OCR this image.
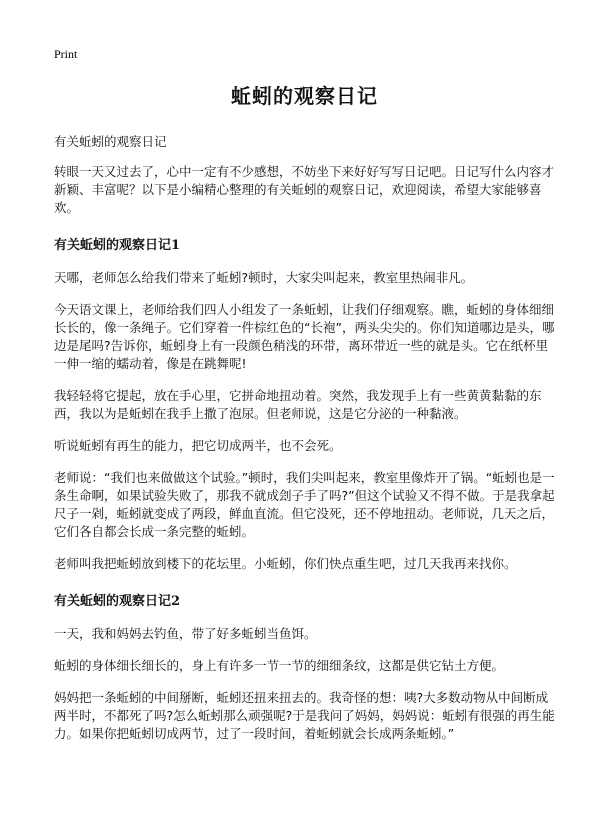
Print
蚯蚓的观察日记
有关蚯蚓的观察日记

转眼一天又过去了，心中一定有不少感想，不妨坐下来好好写写日记吧。日记写什么内容才新颖、丰富呢？以下是小编精心整理的有关蚯蚓的观察日记，欢迎阅读，希望大家能够喜欢。

有关蚯蚓的观察日记1

天哪，老师怎么给我们带来了蚯蚓?顿时，大家尖叫起来，教室里热闹非凡。

今天语文课上，老师给我们四人小组发了一条蚯蚓，让我们仔细观察。瞧，蚯蚓的身体细细长长的，像一条绳子。它们穿着一件棕红色的“长袍”，两头尖尖的。你们知道哪边是头，哪边是尾吗?告诉你，蚯蚓身上有一段颜色稍浅的环带，离环带近一些的就是头。它在纸杯里一伸一缩的蠕动着，像是在跳舞呢!

我轻轻将它提起，放在手心里，它拼命地扭动着。突然，我发现手上有一些黄黄黏黏的东西，我以为是蚯蚓在我手上撒了泡尿。但老师说，这是它分泌的一种黏液。

听说蚯蚓有再生的能力，把它切成两半，也不会死。

老师说：“我们也来做做这个试验。”顿时，我们尖叫起来，教室里像炸开了锅。“蚯蚓也是一条生命啊，如果试验失败了，那我不就成刽子手了吗?”但这个试验又不得不做。于是我拿起尺子一剁，蚯蚓就变成了两段，鲜血直流。但它没死，还不停地扭动。老师说，几天之后，它们各自都会长成一条完整的蚯蚓。

老师叫我把蚯蚓放到楼下的花坛里。小蚯蚓，你们快点重生吧，过几天我再来找你。

有关蚯蚓的观察日记2

一天，我和妈妈去钓鱼，带了好多蚯蚓当鱼饵。

蚯蚓的身体细长细长的，身上有许多一节一节的细细条纹，这都是供它钻土方便。

妈妈把一条蚯蚓的中间掰断，蚯蚓还扭来扭去的。我奇怪的想：咦?大多数动物从中间断成两半时，不都死了吗?怎么蚯蚓那么顽强呢?于是我问了妈妈，妈妈说：蚯蚓有很强的再生能力。如果你把蚯蚓切成两节，过了一段时间，着蚯蚓就会长成两条蚯蚓。”
